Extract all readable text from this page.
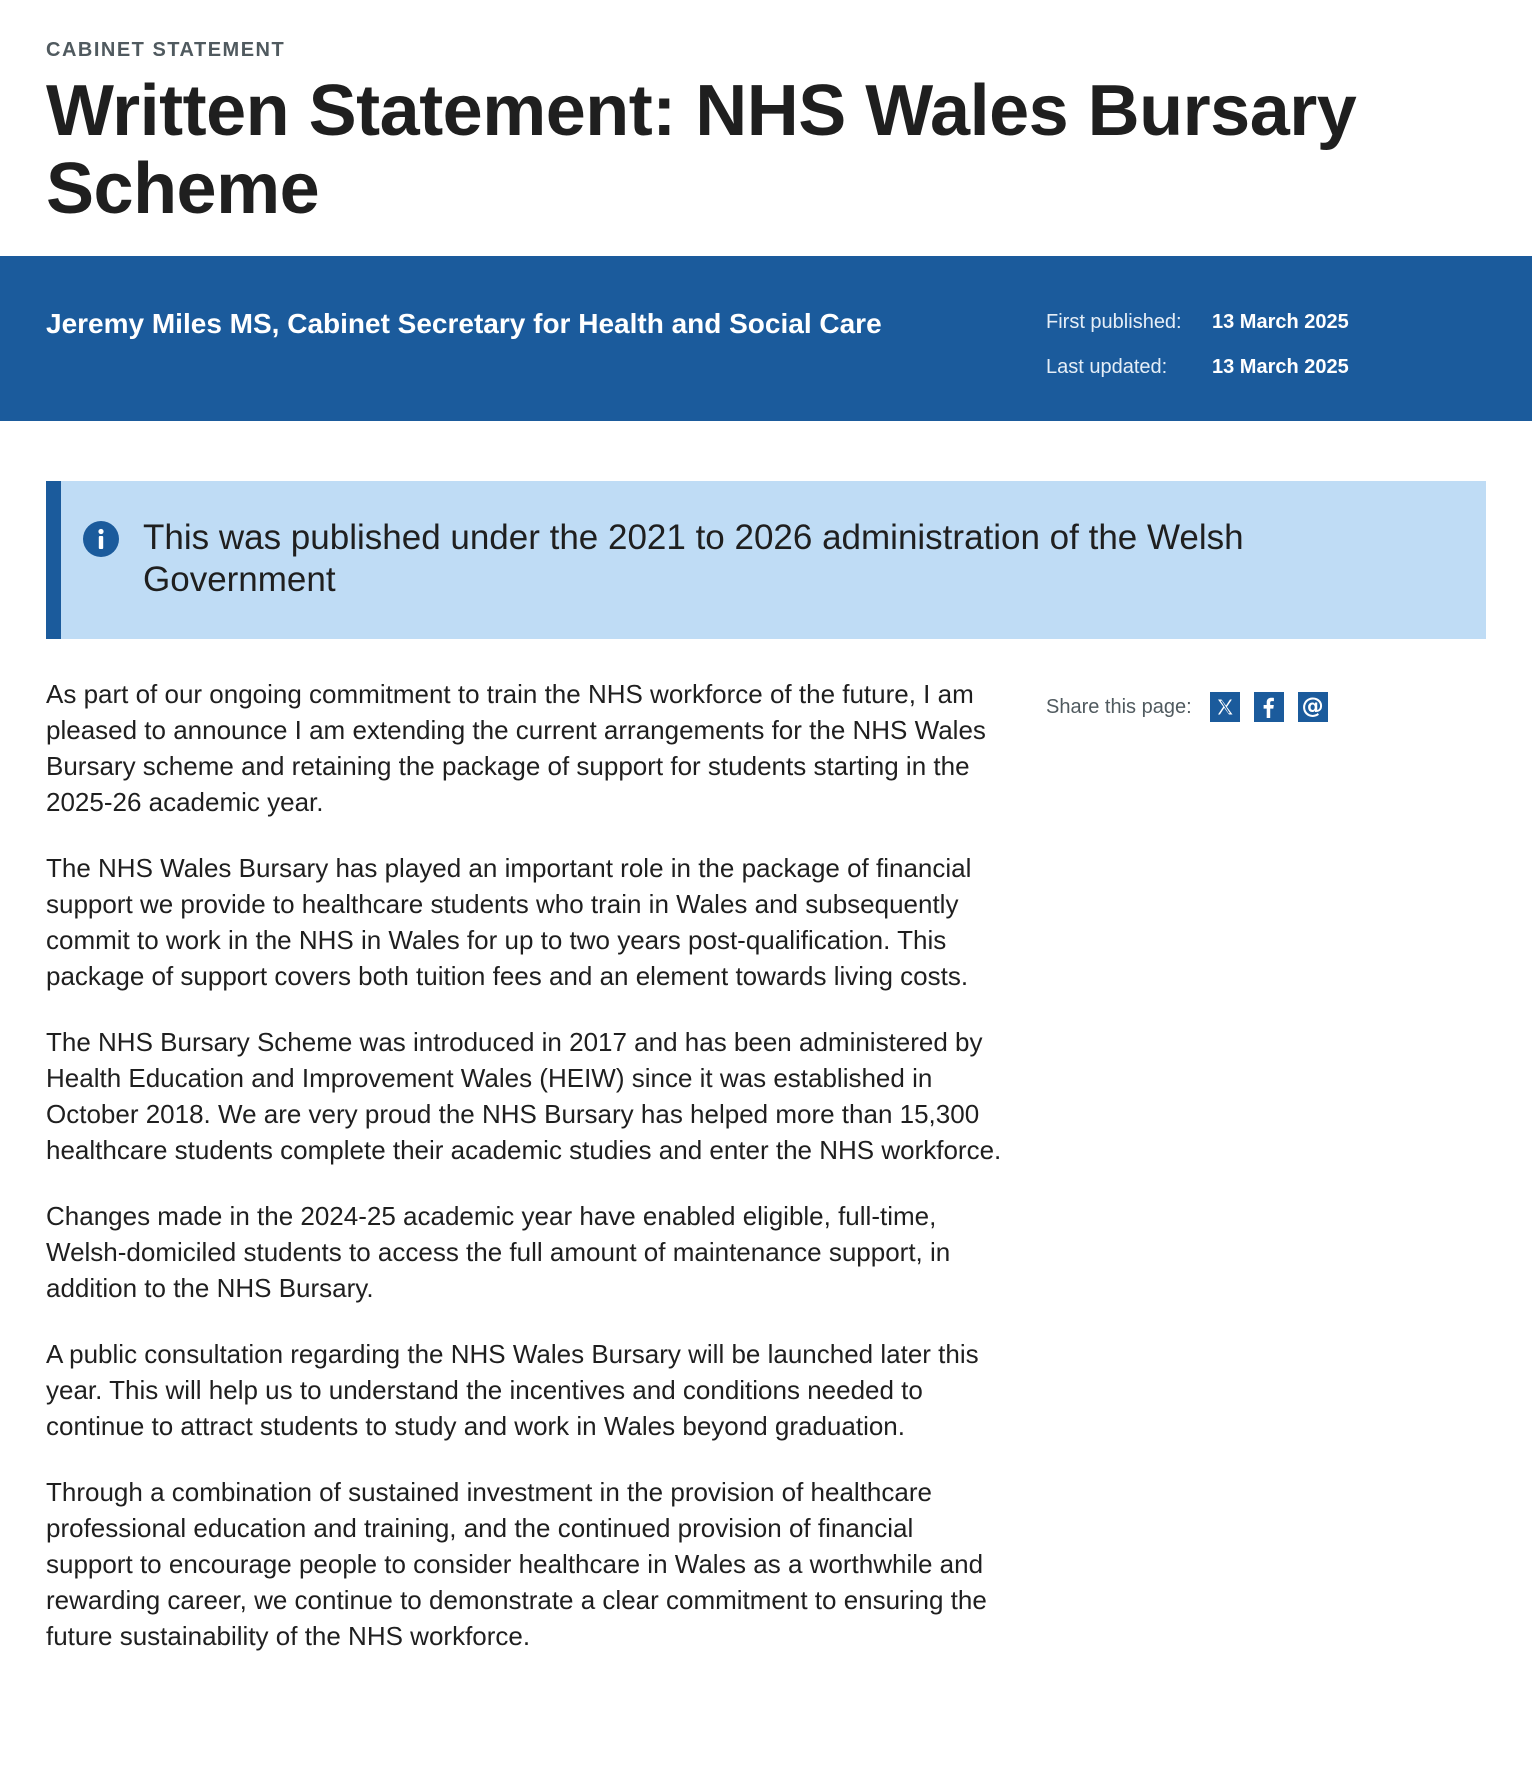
CABINET STATEMENT
Written Statement: NHS Wales Bursary Scheme
Jeremy Miles MS, Cabinet Secretary for Health and Social Care	First published:	13 March 2025
Last updated:	13 March 2025
This was published under the 2021 to 2026 administration of the Welsh Government

As part of our ongoing commitment to train the NHS workforce of the future, I am pleased to announce I am extending the current arrangements for the NHS Wales Bursary scheme and retaining the package of support for students starting in the 2025-26 academic year.

The NHS Wales Bursary has played an important role in the package of financial support we provide to healthcare students who train in Wales and subsequently commit to work in the NHS in Wales for up to two years post-qualification. This package of support covers both tuition fees and an element towards living costs.

The NHS Bursary Scheme was introduced in 2017 and has been administered by Health Education and Improvement Wales (HEIW) since it was established in October 2018. We are very proud the NHS Bursary has helped more than 15,300 healthcare students complete their academic studies and enter the NHS workforce.

Changes made in the 2024-25 academic year have enabled eligible, full-time, Welsh-domiciled students to access the full amount of maintenance support, in addition to the NHS Bursary.

A public consultation regarding the NHS Wales Bursary will be launched later this year. This will help us to understand the incentives and conditions needed to continue to attract students to study and work in Wales beyond graduation.

Through a combination of sustained investment in the provision of healthcare professional education and training, and the continued provision of financial support to encourage people to consider healthcare in Wales as a worthwhile and rewarding career, we continue to demonstrate a clear commitment to ensuring the future sustainability of the NHS workforce.

Share this page:	@
